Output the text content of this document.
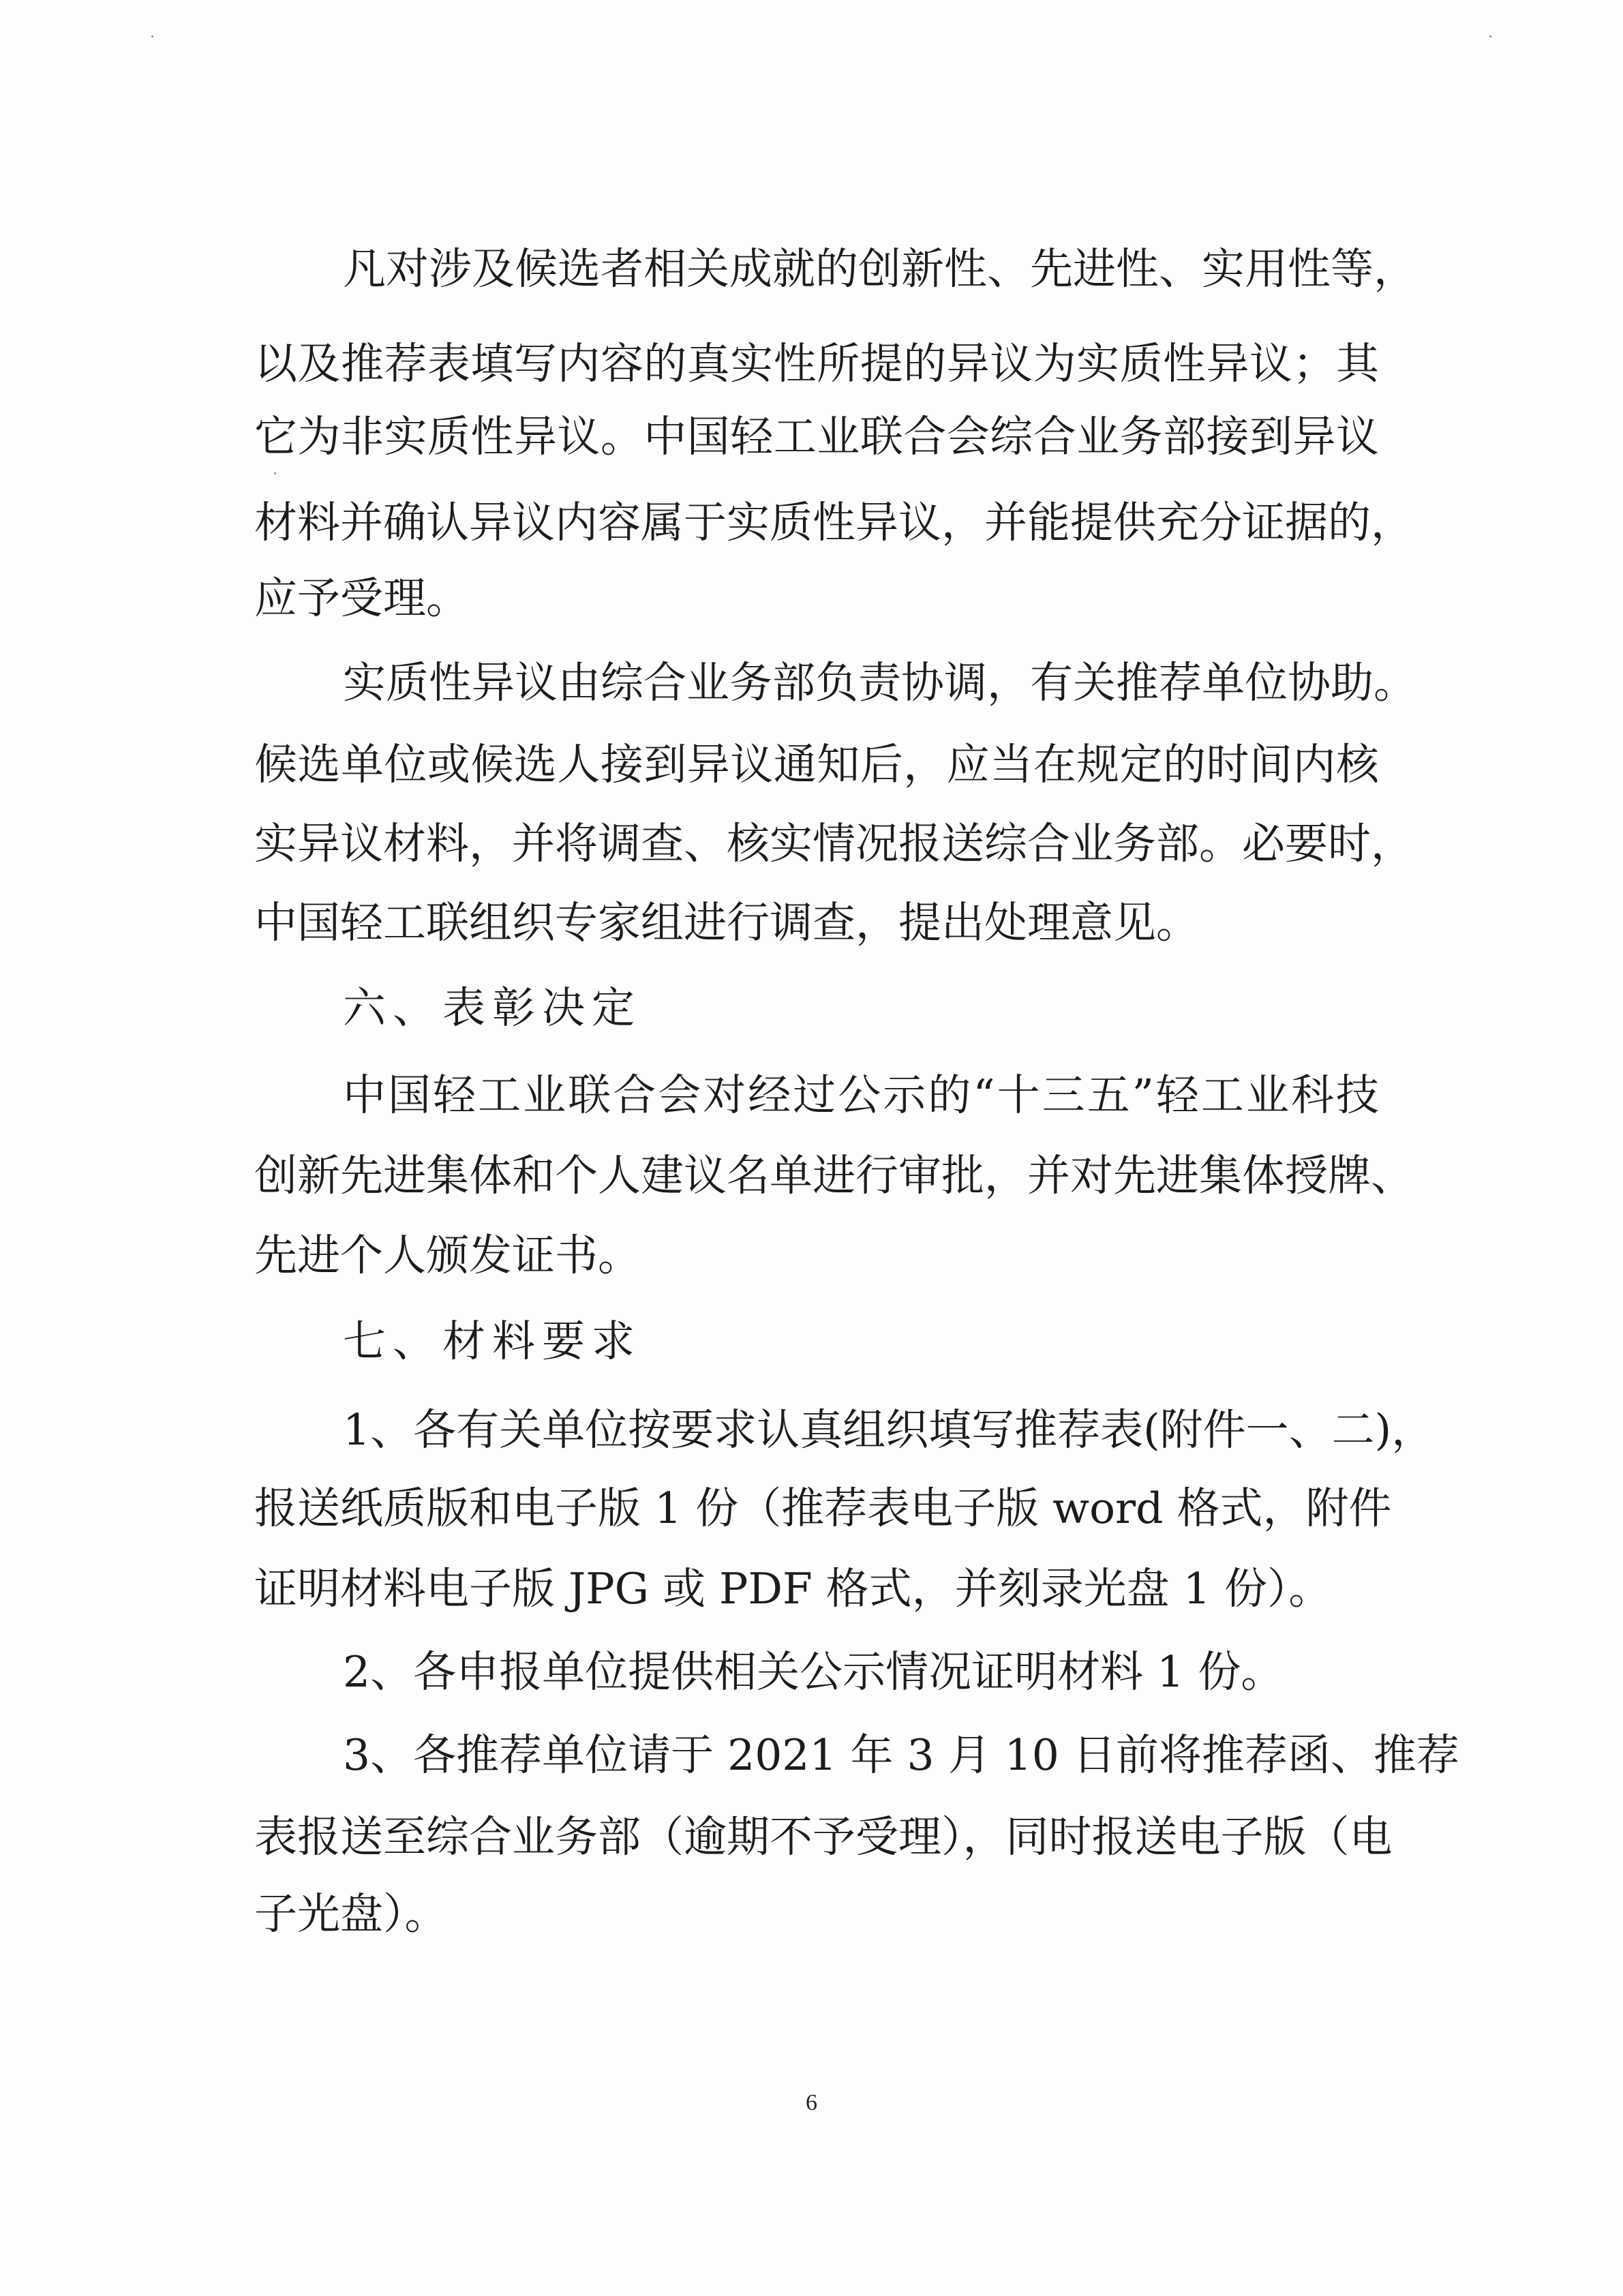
凡对涉及候选者相关成就的创新性、先进性、实用性等，
以及推荐表填写内容的真实性所提的异议为实质性异议；其
它为非实质性异议。中国轻工业联合会综合业务部接到异议
材料并确认异议内容属于实质性异议，并能提供充分证据的，
应予受理。
实质性异议由综合业务部负责协调，有关推荐单位协助。
候选单位或候选人接到异议通知后，应当在规定的时间内核
实异议材料，并将调查、核实情况报送综合业务部。必要时，
中国轻工联组织专家组进行调查，提出处理意见。
六、表彰决定
中国轻工业联合会对经过公示的“十三五”轻工业科技
创新先进集体和个人建议名单进行审批，并对先进集体授牌、
先进个人颁发证书。
七、材料要求
1、各有关单位按要求认真组织填写推荐表(附件一、二)，
报送纸质版和电子版 1 份（推荐表电子版 word 格式，附件
证明材料电子版 JPG 或 PDF 格式，并刻录光盘 1 份）。
2、各申报单位提供相关公示情况证明材料 1 份。
3、各推荐单位请于 2021 年 3 月 10 日前将推荐函、推荐
表报送至综合业务部（逾期不予受理），同时报送电子版（电
子光盘）。
6
